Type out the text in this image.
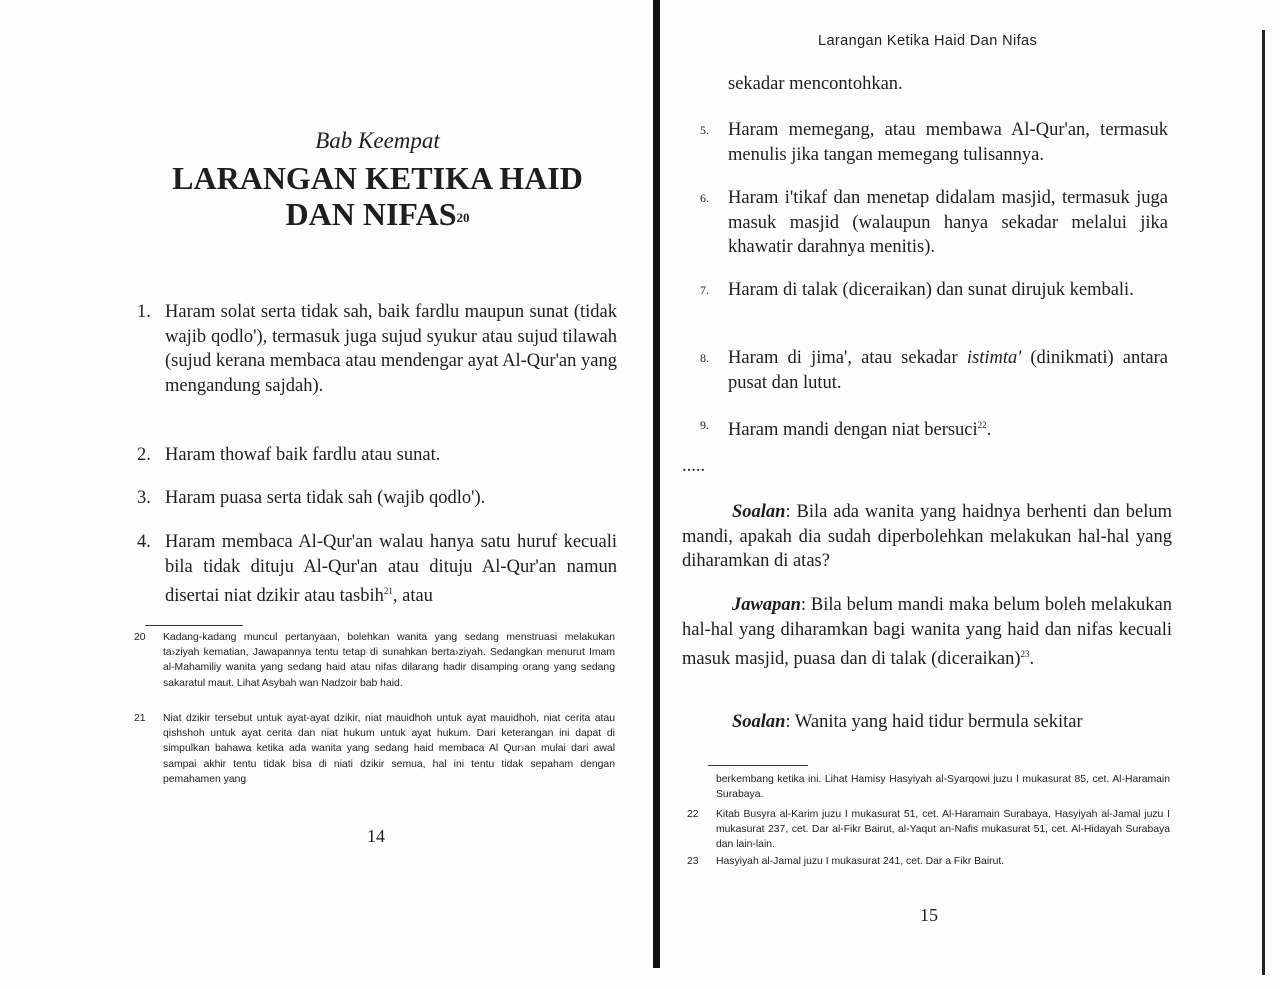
Bab Keempat
LARANGAN KETIKA HAID
DAN NIFAS$^{20}$
1. Haram solat serta tidak sah, baik fardlu maupun sunat (tidak wajib qodlo'), termasuk juga sujud syukur atau sujud tilawah (sujud kerana membaca atau mendengar ayat Al-Qur'an yang mengandung sajdah).
2. Haram thowaf baik fardlu atau sunat.
3. Haram puasa serta tidak sah (wajib qodlo').
4. Haram membaca Al-Qur'an walau hanya satu huruf kecuali bila tidak dituju Al-Qur'an atau dituju Al-Qur'an namun disertai niat dzikir atau tasbih$^{21}$, atau
20 Kadang-kadang muncul pertanyaan, bolehkan wanita yang sedang menstruasi melakukan ta›ziyah kematian, Jawapannya tentu tetap di sunahkan berta›ziyah. Sedangkan menurut Imam al-Mahamiliy wanita yang sedang haid atau nifas dilarang hadir disamping orang yang sedang sakaratul maut. Lihat Asybah wan Nadzoir bab haid.
21 Niat dzikir tersebut untuk ayat-ayat dzikir, niat mauidhoh untuk ayat mauidhoh, niat cerita atau qishshoh untuk ayat cerita dan niat hukum untuk ayat hukum. Dari keterangan ini dapat di simpulkan bahawa ketika ada wanita yang sedang haid membaca Al Qur›an mulai dari awal sampai akhir tentu tidak bisa di niati dzikir semua, hal ini tentu tidak sepaham dengan pemahamen yang
14
Larangan Ketika Haid Dan Nifas
sekadar mencontohkan.
5. Haram memegang, atau membawa Al-Qur'an, termasuk menulis jika tangan memegang tulisannya.
6. Haram i'tikaf dan menetap didalam masjid, termasuk juga masuk masjid (walaupun hanya sekadar melalui jika khawatir darahnya menitis).
7. Haram di talak (diceraikan) dan sunat dirujuk kembali.
8. Haram di jima', atau sekadar istimta' (dinikmati) antara pusat dan lutut.
9. Haram mandi dengan niat bersuci$^{22}$.
.....
Soalan: Bila ada wanita yang haidnya berhenti dan belum mandi, apakah dia sudah diperbolehkan melakukan hal-hal yang diharamkan di atas?
Jawapan: Bila belum mandi maka belum boleh melakukan hal-hal yang diharamkan bagi wanita yang haid dan nifas kecuali masuk masjid, puasa dan di talak (diceraikan)$^{23}$.
Soalan: Wanita yang haid tidur bermula sekitar
berkembang ketika ini. Lihat Hamisy Hasyiyah al-Syarqowi juzu I mukasurat 85, cet. Al-Haramain Surabaya.
22 Kitab Busyra al-Karim juzu I mukasurat 51, cet. Al-Haramain Surabaya, Hasyiyah al-Jamal juzu I mukasurat 237, cet. Dar al-Fikr Bairut, al-Yaqut an-Nafis mukasurat 51, cet. Al-Hidayah Surabaya dan lain-lain.
23 Hasyiyah al-Jamal juzu I mukasurat 241, cet. Dar a Fikr Bairut.
15
